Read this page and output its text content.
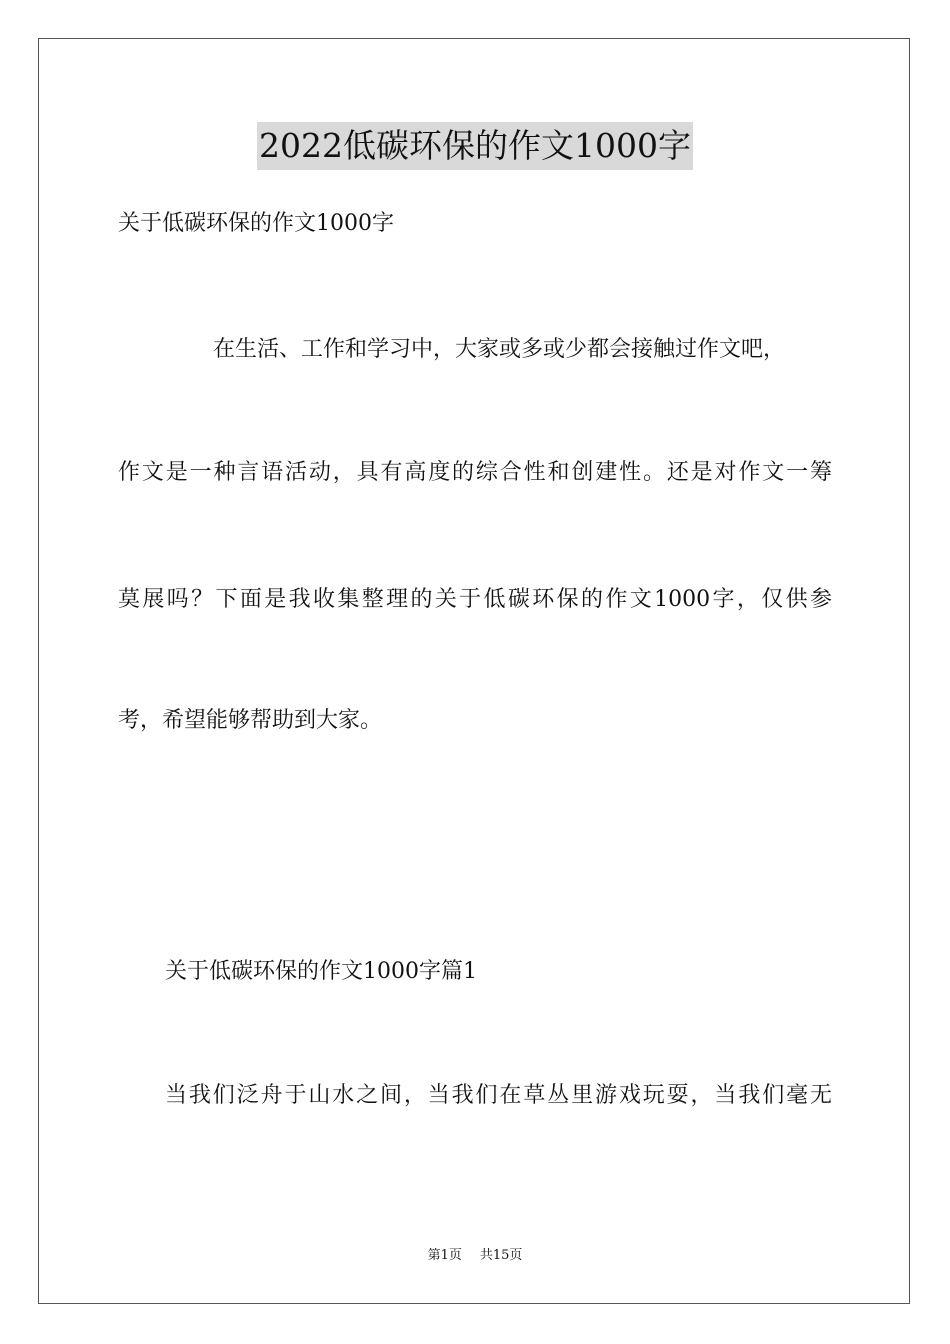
2022低碳环保的作文1000字
关于低碳环保的作文1000字
在生活、工作和学习中，大家或多或少都会接触过作文吧，
作文是一种言语活动，具有高度的综合性和创建性。还是对作文一筹
莫展吗？下面是我收集整理的关于低碳环保的作文1000字，仅供参
考，希望能够帮助到大家。
关于低碳环保的作文1000字篇1
当我们泛舟于山水之间，当我们在草丛里游戏玩耍，当我们毫无
第1页 共15页
